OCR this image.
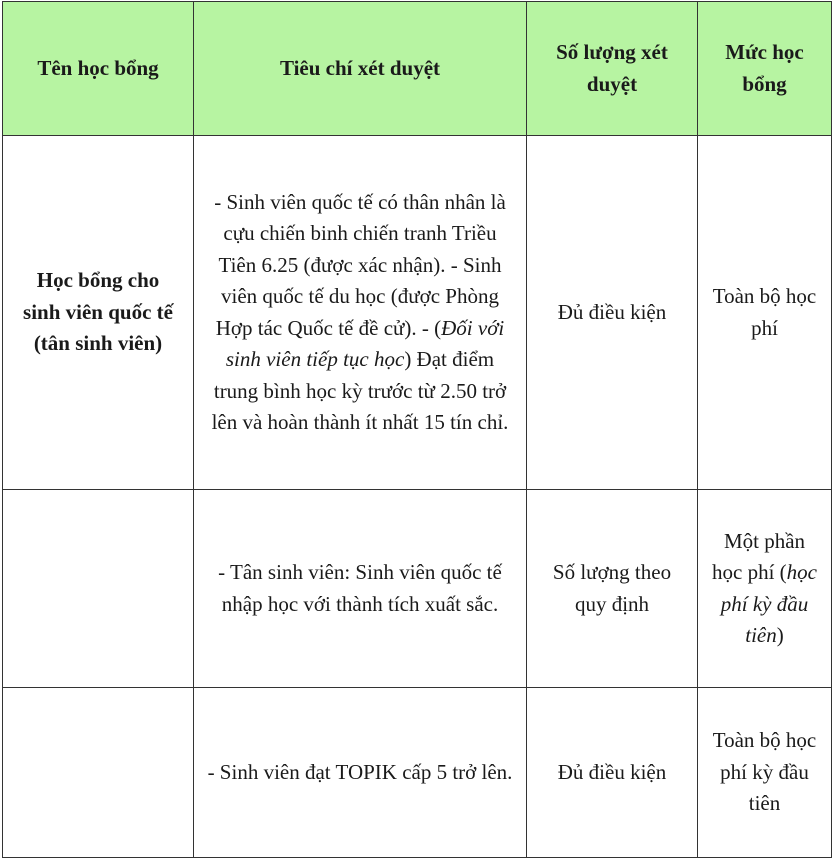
Tên học bổng	Tiêu chí xét duyệt	Số lượng xét duyệt	Mức học bổng
Học bổng cho sinh viên quốc tế (tân sinh viên)	- Sinh viên quốc tế có thân nhân là cựu chiến binh chiến tranh Triều Tiên 6.25 (được xác nhận). - Sinh viên quốc tế du học (được Phòng Hợp tác Quốc tế đề cử). - (Đối với sinh viên tiếp tục học) Đạt điểm trung bình học kỳ trước từ 2.50 trở lên và hoàn thành ít nhất 15 tín chỉ.	Đủ điều kiện	Toàn bộ học phí
	- Tân sinh viên: Sinh viên quốc tế nhập học với thành tích xuất sắc.	Số lượng theo quy định	Một phần học phí (học phí kỳ đầu tiên)
	- Sinh viên đạt TOPIK cấp 5 trở lên.	Đủ điều kiện	Toàn bộ học phí kỳ đầu tiên
